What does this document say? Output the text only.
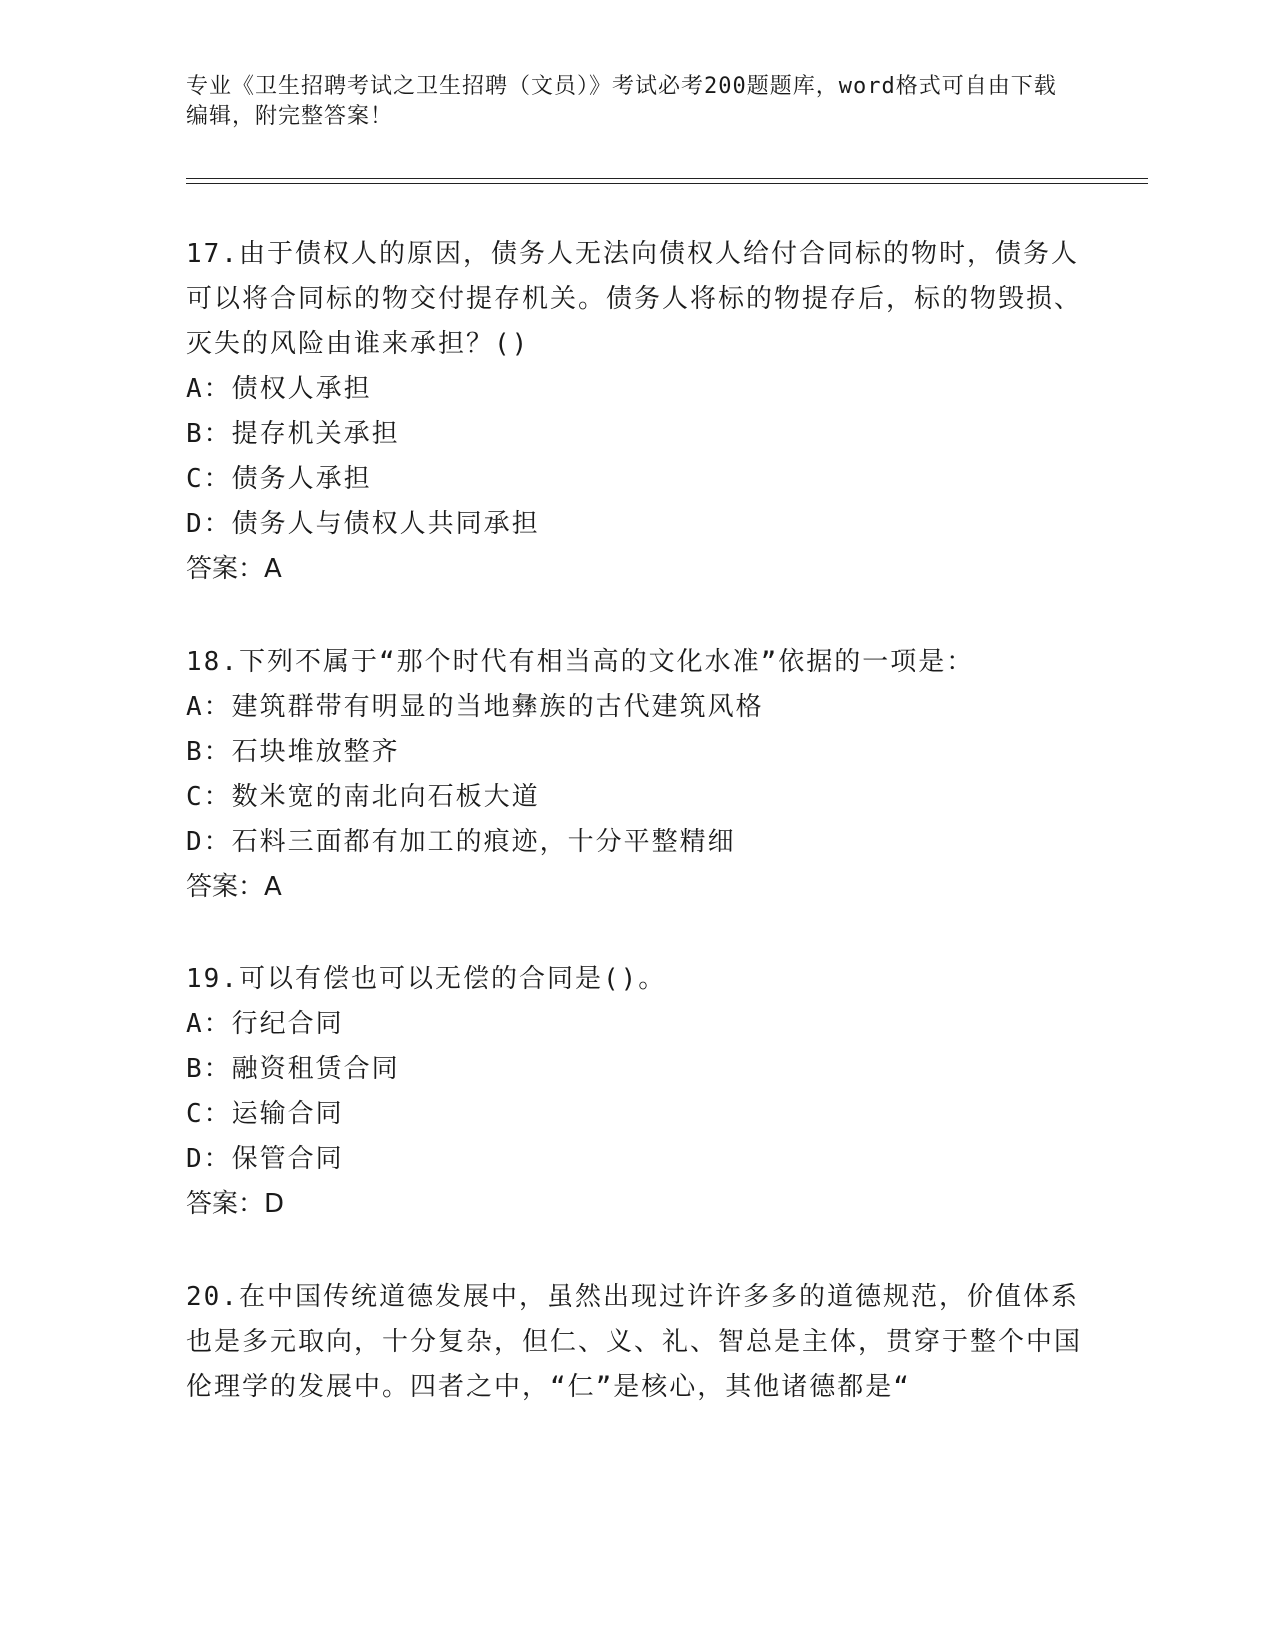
专业《卫生招聘考试之卫生招聘（文员）》考试必考200题题库，word格式可自由下载编辑，附完整答案！
17.由于债权人的原因，债务人无法向债权人给付合同标的物时，债务人可以将合同标的物交付提存机关。债务人将标的物提存后，标的物毁损、灭失的风险由谁来承担？()
A：债权人承担
B：提存机关承担
C：债务人承担
D：债务人与债权人共同承担
答案：A
18.下列不属于“那个时代有相当高的文化水准”依据的一项是：
A：建筑群带有明显的当地彝族的古代建筑风格
B：石块堆放整齐
C：数米宽的南北向石板大道
D：石料三面都有加工的痕迹，十分平整精细
答案：A
19.可以有偿也可以无偿的合同是()。
A：行纪合同
B：融资租赁合同
C：运输合同
D：保管合同
答案：D
20.在中国传统道德发展中，虽然出现过许许多多的道德规范，价值体系也是多元取向，十分复杂，但仁、义、礼、智总是主体，贯穿于整个中国伦理学的发展中。四者之中，“仁”是核心，其他诸德都是“
